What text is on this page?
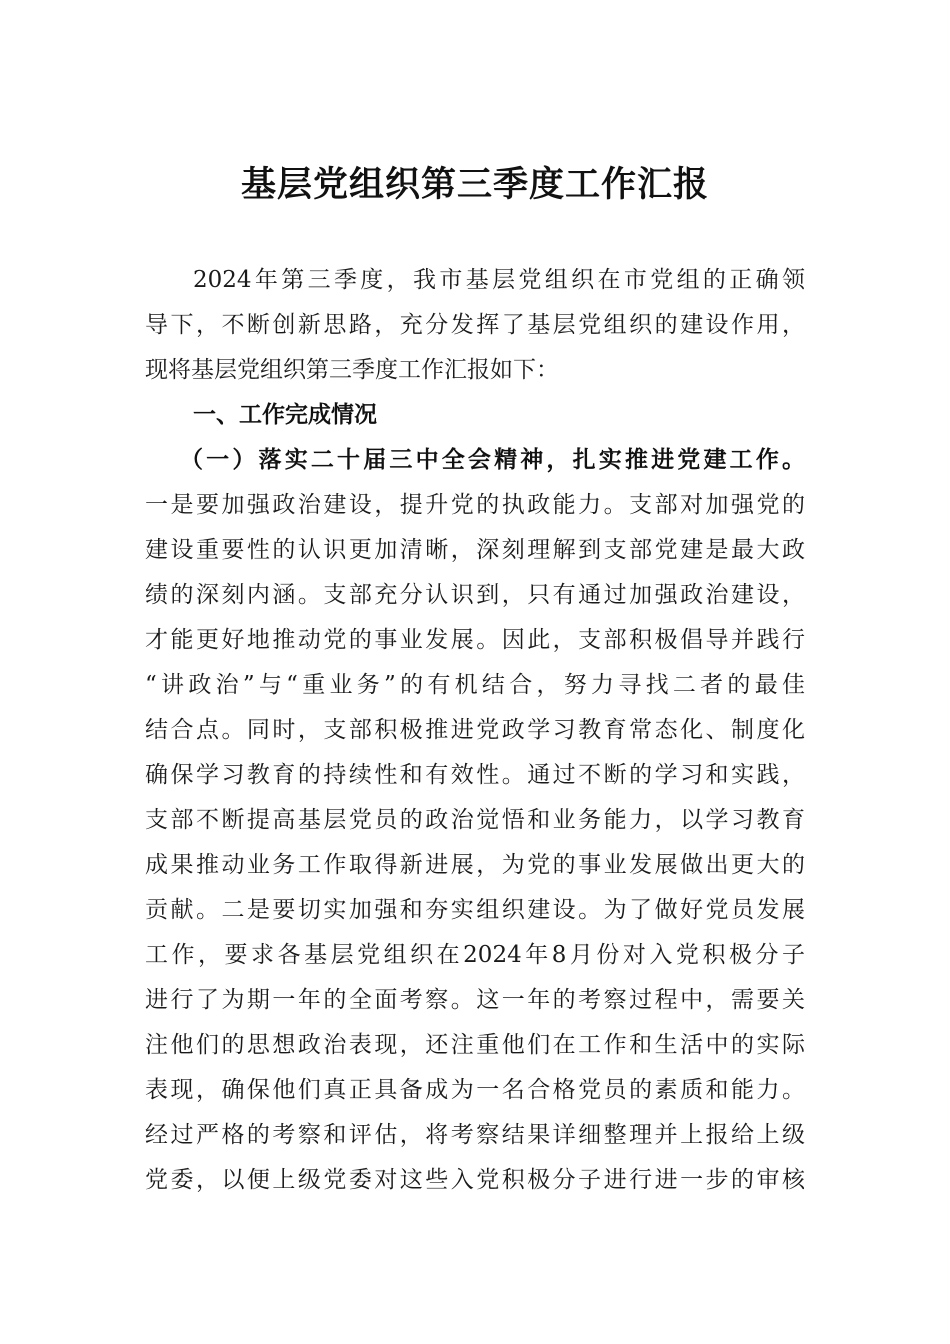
基层党组织第三季度工作汇报
2024年第三季度，我市基层党组织在市党组的正确领
导下，不断创新思路，充分发挥了基层党组织的建设作用，
现将基层党组织第三季度工作汇报如下：
一、工作完成情况
（一）落实二十届三中全会精神，扎实推进党建工作。
一是要加强政治建设，提升党的执政能力。支部对加强党的
建设重要性的认识更加清晰，深刻理解到支部党建是最大政
绩的深刻内涵。支部充分认识到，只有通过加强政治建设，
才能更好地推动党的事业发展。因此，支部积极倡导并践行
“讲政治”与“重业务”的有机结合，努力寻找二者的最佳
结合点。同时，支部积极推进党政学习教育常态化、制度化
确保学习教育的持续性和有效性。通过不断的学习和实践，
支部不断提高基层党员的政治觉悟和业务能力，以学习教育
成果推动业务工作取得新进展，为党的事业发展做出更大的
贡献。二是要切实加强和夯实组织建设。为了做好党员发展
工作，要求各基层党组织在2024年8月份对入党积极分子
进行了为期一年的全面考察。这一年的考察过程中，需要关
注他们的思想政治表现，还注重他们在工作和生活中的实际
表现，确保他们真正具备成为一名合格党员的素质和能力。
经过严格的考察和评估，将考察结果详细整理并上报给上级
党委，以便上级党委对这些入党积极分子进行进一步的审核
